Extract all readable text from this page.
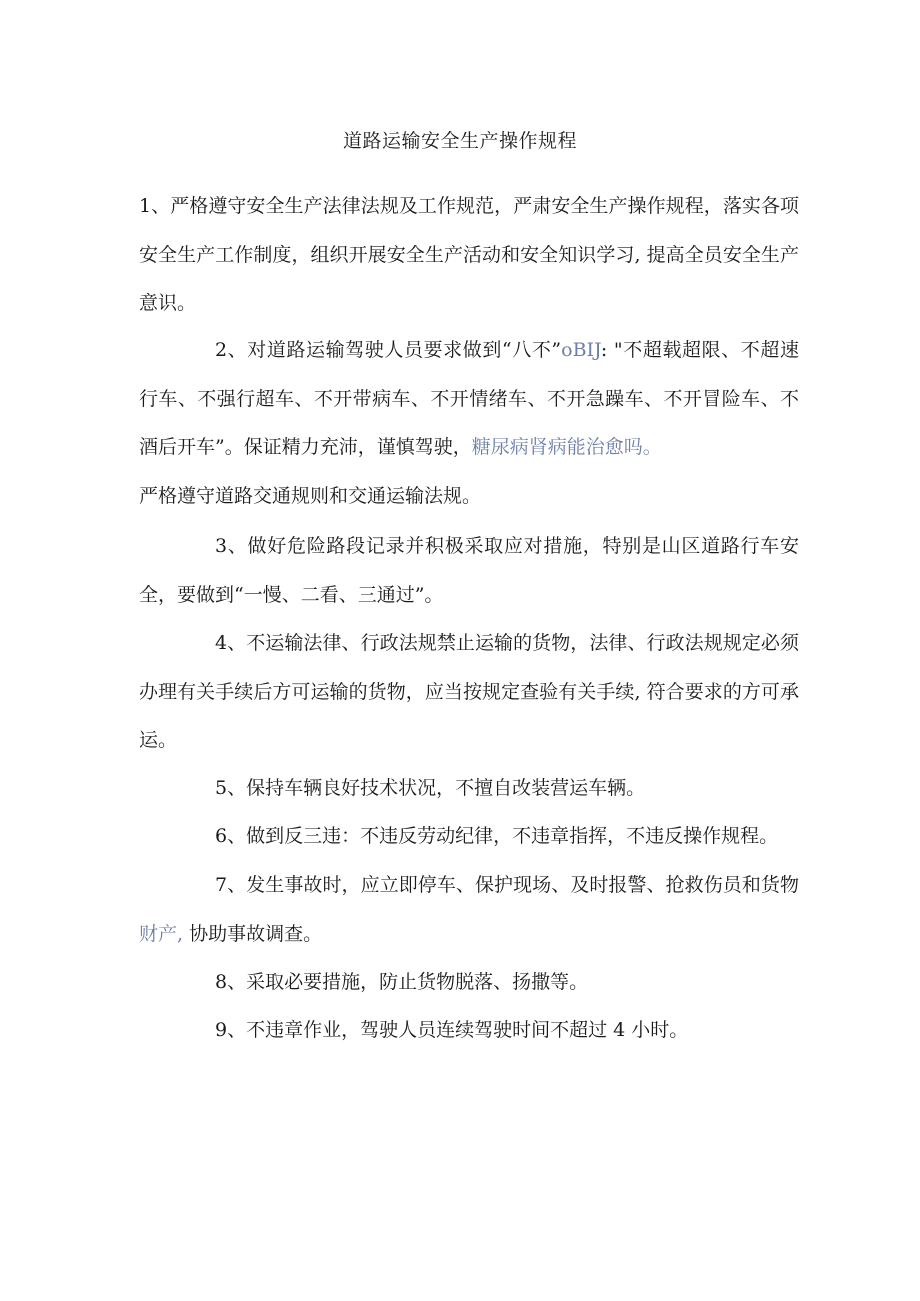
道路运输安全生产操作规程

1、严格遵守安全生产法律法规及工作规范，严肃安全生产操作规程，落实各项安全生产工作制度，组织开展安全生产活动和安全知识学习, 提高全员安全生产意识。

2、对道路运输驾驶人员要求做到“八不”oBIJ: "不超载超限、不超速行车、不强行超车、不开带病车、不开情绪车、不开急躁车、不开冒险车、不酒后开车”。保证精力充沛，谨慎驾驶，糖尿病肾病能治愈吗。
严格遵守道路交通规则和交通运输法规。

3、做好危险路段记录并积极采取应对措施，特别是山区道路行车安全，要做到“一慢、二看、三通过”。

4、不运输法律、行政法规禁止运输的货物，法律、行政法规规定必须办理有关手续后方可运输的货物，应当按规定查验有关手续, 符合要求的方可承运。

5、保持车辆良好技术状况，不擅自改装营运车辆。

6、做到反三违：不违反劳动纪律，不违章指挥，不违反操作规程。

7、发生事故时，应立即停车、保护现场、及时报警、抢救伤员和货物财产, 协助事故调查。

8、采取必要措施，防止货物脱落、扬撒等。

9、不违章作业，驾驶人员连续驾驶时间不超过 4 小时。
